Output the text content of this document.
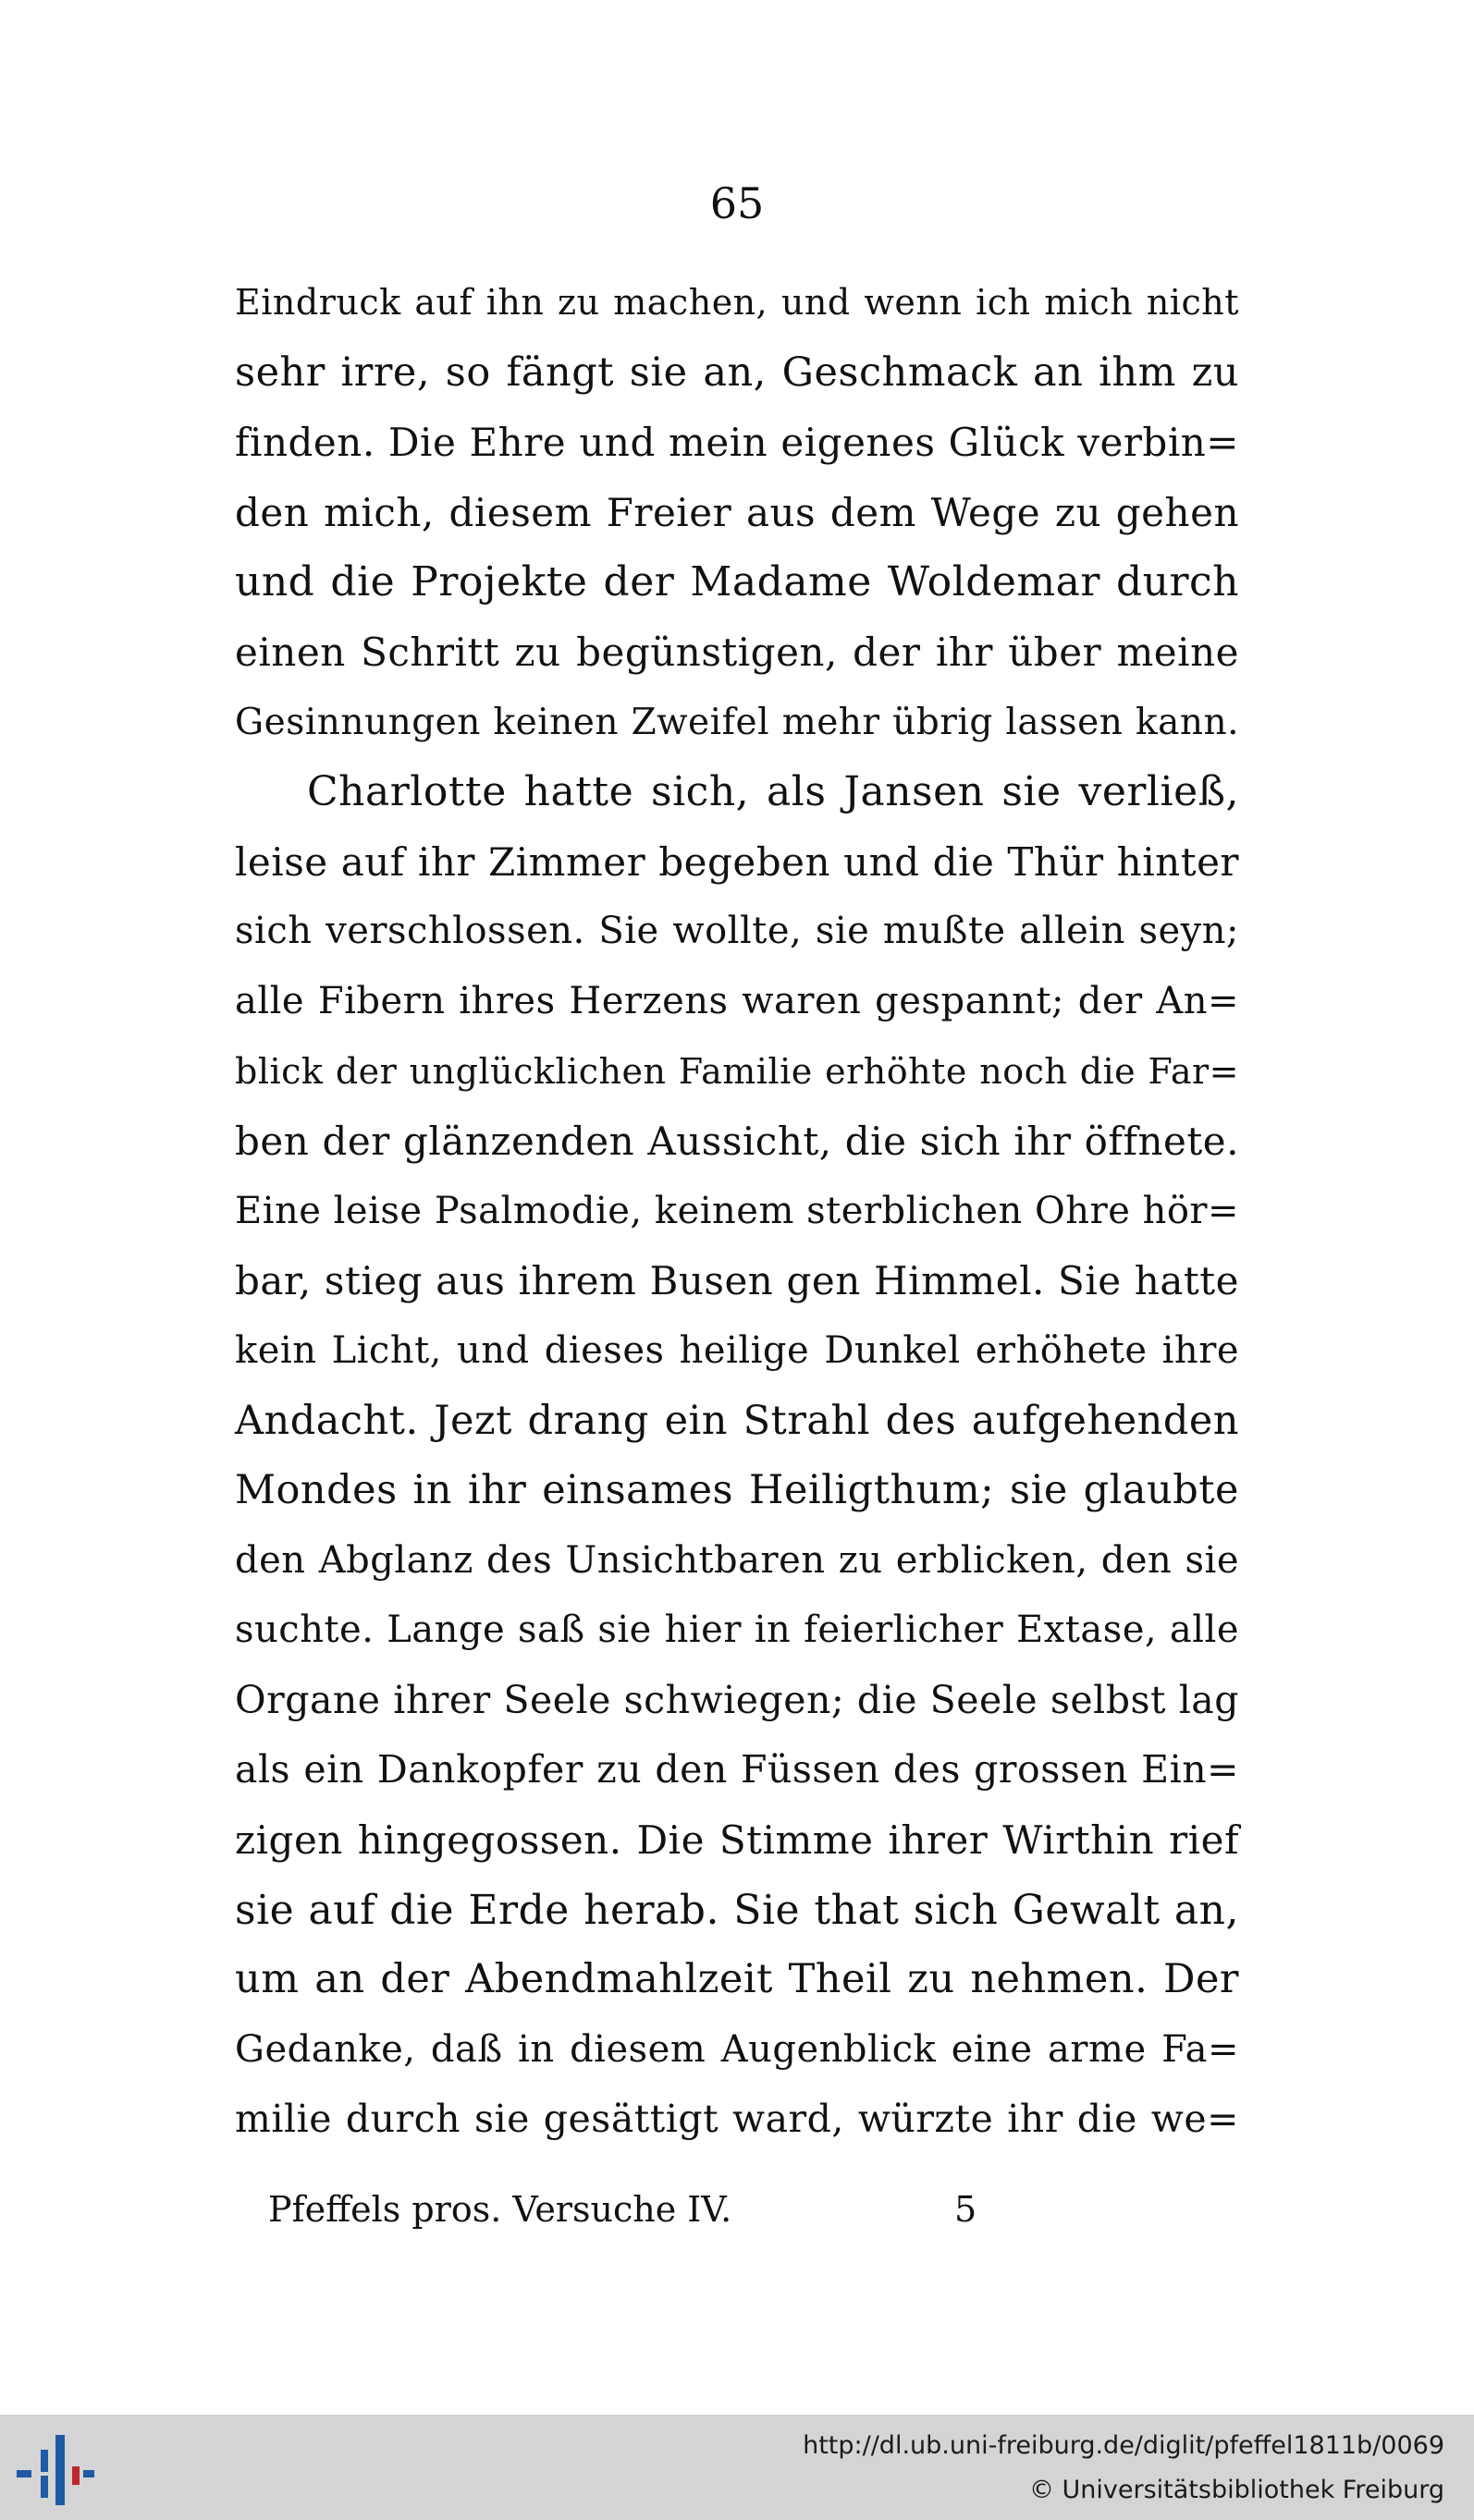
65
Eindruck auf ihn zu machen, und wenn ich mich nicht
sehr irre, so fängt sie an, Geschmack an ihm zu
finden. Die Ehre und mein eigenes Glück verbin=
den mich, diesem Freier aus dem Wege zu gehen
und die Projekte der Madame Woldemar durch
einen Schritt zu begünstigen, der ihr über meine
Gesinnungen keinen Zweifel mehr übrig lassen kann.
Charlotte hatte sich, als Jansen sie verließ,
leise auf ihr Zimmer begeben und die Thür hinter
sich verschlossen. Sie wollte, sie mußte allein seyn;
alle Fibern ihres Herzens waren gespannt; der An=
blick der unglücklichen Familie erhöhte noch die Far=
ben der glänzenden Aussicht, die sich ihr öffnete.
Eine leise Psalmodie, keinem sterblichen Ohre hör=
bar, stieg aus ihrem Busen gen Himmel. Sie hatte
kein Licht, und dieses heilige Dunkel erhöhete ihre
Andacht. Jezt drang ein Strahl des aufgehenden
Mondes in ihr einsames Heiligthum; sie glaubte
den Abglanz des Unsichtbaren zu erblicken, den sie
suchte. Lange saß sie hier in feierlicher Extase, alle
Organe ihrer Seele schwiegen; die Seele selbst lag
als ein Dankopfer zu den Füssen des grossen Ein=
zigen hingegossen. Die Stimme ihrer Wirthin rief
sie auf die Erde herab. Sie that sich Gewalt an,
um an der Abendmahlzeit Theil zu nehmen. Der
Gedanke, daß in diesem Augenblick eine arme Fa=
milie durch sie gesättigt ward, würzte ihr die we=
Pfeffels pros. Versuche IV.	5
http://dl.ub.uni-freiburg.de/diglit/pfeffel1811b/0069
© Universitätsbibliothek Freiburg
